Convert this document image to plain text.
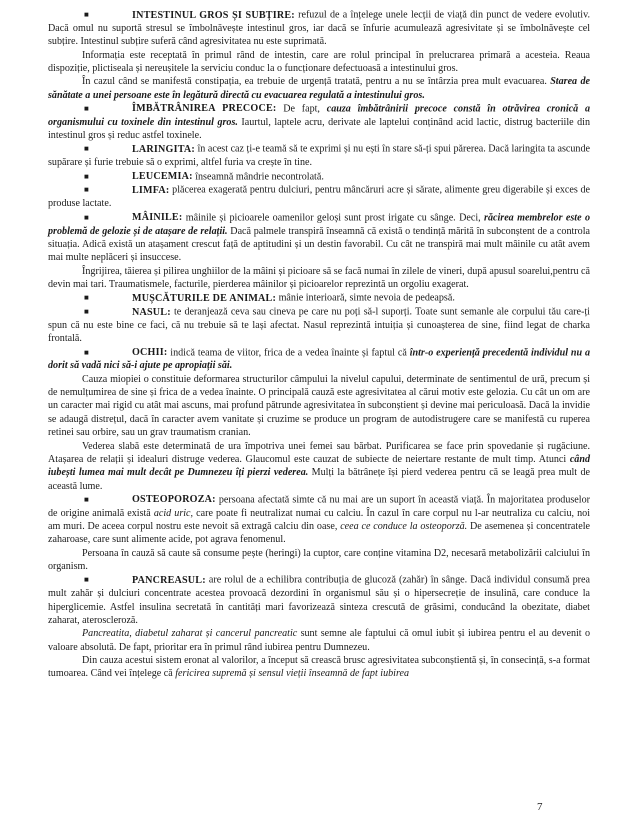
■	INTESTINUL GROS ȘI SUBȚIRE: refuzul de a înțelege unele lecții de viață din punct de vedere evolutiv. Dacă omul nu suportă stresul se îmbolnăvește intestinul gros, iar dacă se înfurie acumulează agresivitate și se îmbolnăvește cel subțire. Intestinul subțire suferă când agresivitatea nu este suprimată.

Informația este receptată în primul rând de intestin, care are rolul principal în prelucrarea primară a acesteia. Reaua dispoziție, plictiseala și nereușitele la serviciu conduc la o funcționare defectuoasă a intestinului gros.

În cazul când se manifestă constipația, ea trebuie de urgență tratată, pentru a nu se întârzia prea mult evacuarea. Starea de sănătate a unei persoane este în legătură directă cu evacuarea regulată a intestinului gros.

■	ÎMBĂTRÂNIREA PRECOCE: De fapt, cauza îmbătrânirii precoce constă în otrăvirea cronică a organismului cu toxinele din intestinul gros. Iaurtul, laptele acru, derivate ale laptelui conținând acid lactic, distrug bacteriile din intestinul gros și reduc astfel toxinele.

■	LARINGITA: în acest caz ți-e teamă să te exprimi și nu ești în stare să-ți spui părerea. Dacă laringita ta ascunde supărare și furie trebuie să o exprimi, altfel furia va crește în tine.

■	LEUCEMIA: înseamnă mândrie necontrolată.

■	LIMFA: plăcerea exagerată pentru dulciuri, pentru mâncăruri acre și sărate, alimente greu digerabile și exces de produse lactate.

■	MÂINILE: mâinile și picioarele oamenilor geloși sunt prost irigate cu sânge. Deci, răcirea membrelor este o problemă de gelozie și de atașare de relații. Dacă palmele transpiră înseamnă că există o tendință mărită în subconștent de a controla situația. Adică există un atașament crescut față de aptitudini și un destin favorabil. Cu cât ne transpiră mai mult mâinile cu atât avem mai multe neplăceri și insuccese.

Îngrijirea, tăierea și pilirea unghiilor de la mâini și picioare să se facă numai în zilele de vineri, după apusul soarelui,pentru că devin mai tari. Traumatismele, facturile, pierderea mâinilor și picioarelor reprezintă un orgoliu exagerat.

■	MUȘCĂTURILE DE ANIMAL: mânie interioară, simte nevoia de pedeapsă.

■	NASUL: te deranjează ceva sau cineva pe care nu poți să-l suporți. Toate sunt semanle ale corpului tău care-ți spun că nu este bine ce faci, că nu trebuie să te lași afectat. Nasul reprezintă intuiția și cunoașterea de sine, fiind legat de charka frontală.

■	OCHII: indică teama de viitor, frica de a vedea înainte și faptul că într-o experiență precedentă individul nu a dorit să vadă nici să-i ajute pe apropiații săi.

Cauza miopiei o constituie deformarea structurilor câmpului la nivelul capului, determinate de sentimentul de ură, precum și de nemulțumirea de sine și frica de a vedea înainte. O principală cauză este agresivitatea al cărui motiv este gelozia. Cu cât un om are un caracter mai rigid cu atât mai ascuns, mai profund pătrunde agresivitatea în subconștient și devine mai periculoasă. Dacă la invidie se adaugă distrețul, dacă în caracter avem vanitate și cruzime se produce un program de autodistrugere care se manifestă cu ruperea retinei sau orbire, sau un grav traumatism cranian.

Vederea slabă este determinată de ura împotriva unei femei sau bărbat. Purificarea se face prin spovedanie și rugăciune. Atașarea de relații și idealuri distruge vederea. Glaucomul este cauzat de subiecte de neiertare restante de mult timp. Atunci când iubești lumea mai mult decât pe Dumnezeu îți pierzi vederea. Mulți la bătrânețe își pierd vederea pentru că se leagă prea mult de această lume.

■	OSTEOPOROZA: persoana afectată simte că nu mai are un suport în această viață. În majoritatea produselor de origine animală există acid uric, care poate fi neutralizat numai cu calciu. În cazul în care corpul nu l-ar neutraliza cu calciu, noi am muri. De aceea corpul nostru este nevoit să extragă calciu din oase, ceea ce conduce la osteoporză. De asemenea și concentratele zaharoase, care sunt alimente acide, pot agrava fenomenul.

Persoana în cauză să caute să consume pește (heringi) la cuptor, care conține vitamina D2, necesară metabolizării calciului în organism.

■	PANCREASUL: are rolul de a echilibra contribuția de glucoză (zahăr) în sânge. Dacă individul consumă prea mult zahăr și dulciuri concentrate acestea provoacă dezordini în organismul său și o hipersecreție de insulină, care conduce la hiperglicemie. Astfel insulina secretată în cantități mari favorizează sinteza crescută de grăsimi, conducând la obezitate, diabet zaharat, ateroscleroză.

Pancreatita, diabetul zaharat și cancerul pancreatic sunt semne ale faptului că omul iubit și iubirea pentru el au devenit o valoare absolută. De fapt, prioritar era în primul rând iubirea pentru Dumnezeu.

Din cauza acestui sistem eronat al valorilor, a început să crească brusc agresivitatea subconștientă și, în consecință, s-a format tumoarea. Când vei înțelege că fericirea supremă și sensul vieții înseamnă de fapt iubirea

7
